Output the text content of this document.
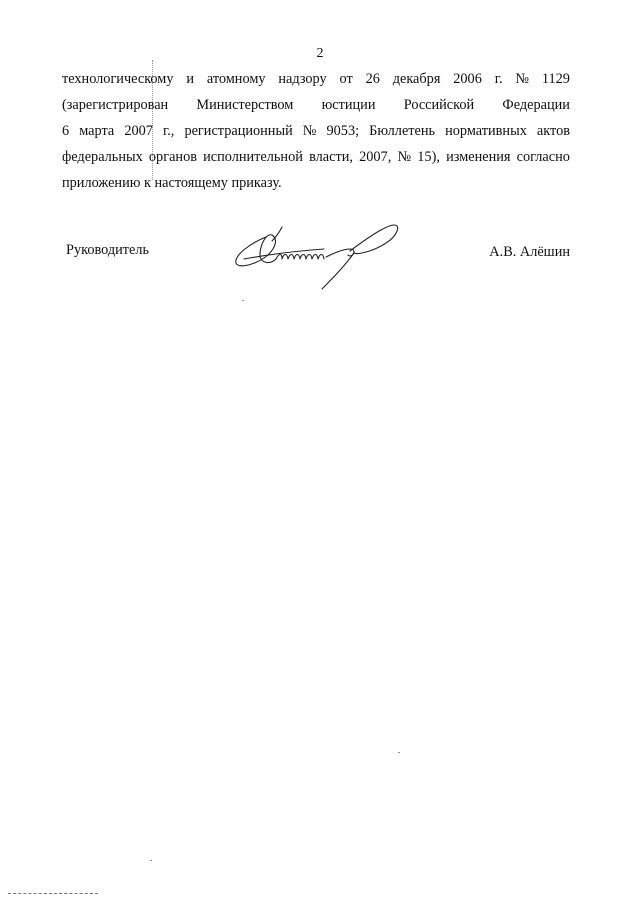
2
технологическому и атомному надзору от 26 декабря 2006 г. № 1129
(зарегистрирован Министерством юстиции Российской Федерации
6 марта 2007 г., регистрационный № 9053; Бюллетень нормативных актов
федеральных органов исполнительной власти, 2007, № 15), изменения согласно
приложению к настоящему приказу.
Руководитель	А.В. Алёшин
